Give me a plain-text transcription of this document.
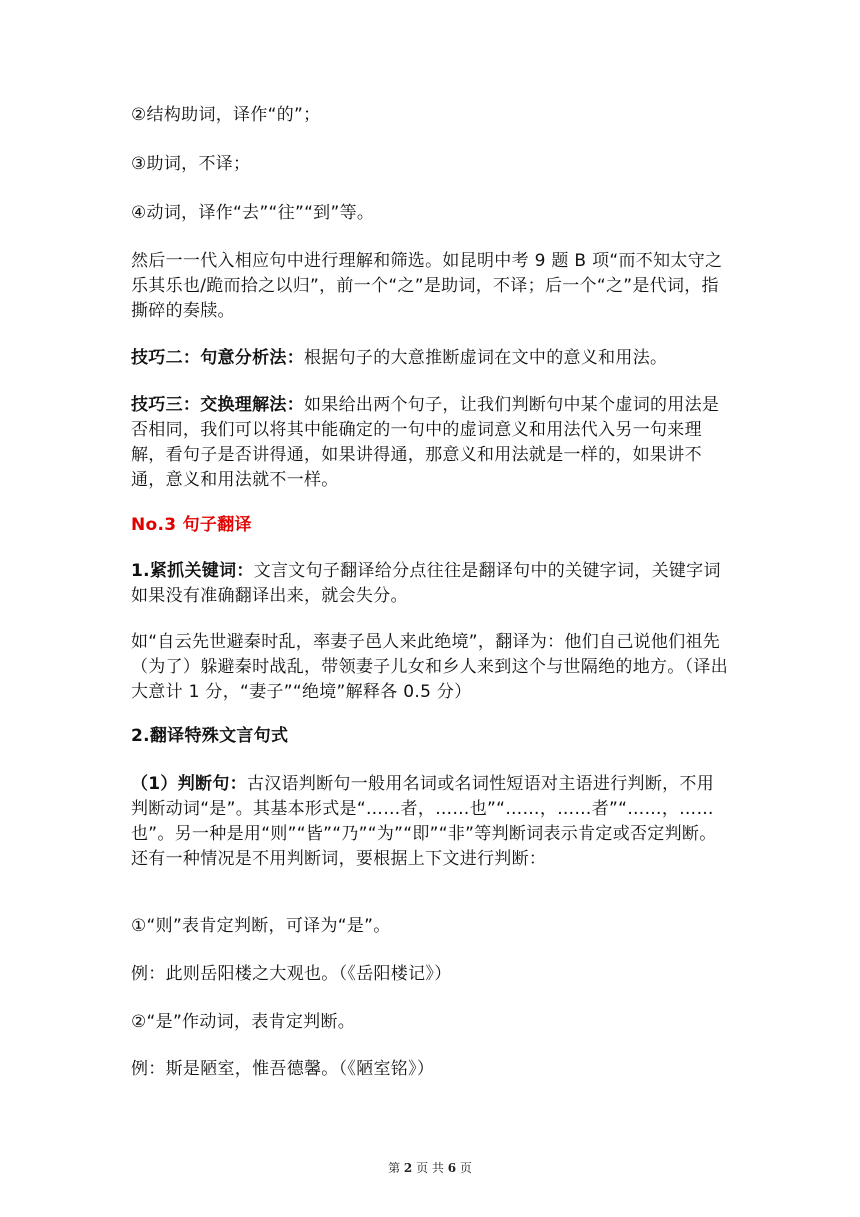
②结构助词，译作“的”；

③助词，不译；

④动词，译作“去”“往”“到”等。

然后一一代入相应句中进行理解和筛选。如昆明中考 9 题 B 项“而不知太守之乐其乐也/跪而拾之以归”，前一个“之”是助词，不译；后一个“之”是代词，指撕碎的奏牍。

技巧二：句意分析法：根据句子的大意推断虚词在文中的意义和用法。

技巧三：交换理解法：如果给出两个句子，让我们判断句中某个虚词的用法是否相同，我们可以将其中能确定的一句中的虚词意义和用法代入另一句来理解，看句子是否讲得通，如果讲得通，那意义和用法就是一样的，如果讲不通，意义和用法就不一样。

No.3 句子翻译

1.紧抓关键词：文言文句子翻译给分点往往是翻译句中的关键字词，关键字词如果没有准确翻译出来，就会失分。

如“自云先世避秦时乱，率妻子邑人来此绝境”，翻译为：他们自己说他们祖先（为了）躲避秦时战乱，带领妻子儿女和乡人来到这个与世隔绝的地方。（译出大意计 1 分，“妻子”“绝境”解释各 0.5 分）

2.翻译特殊文言句式

（1）判断句：古汉语判断句一般用名词或名词性短语对主语进行判断，不用判断动词“是”。其基本形式是“……者，……也”“……，……者”“……，……也”。另一种是用“则”“皆”“乃”“为”“即”“非”等判断词表示肯定或否定判断。还有一种情况是不用判断词，要根据上下文进行判断：

①“则”表肯定判断，可译为“是”。

例：此则岳阳楼之大观也。（《岳阳楼记》）

②“是”作动词，表肯定判断。

例：斯是陋室，惟吾德馨。（《陋室铭》）

第 2 页 共 6 页
